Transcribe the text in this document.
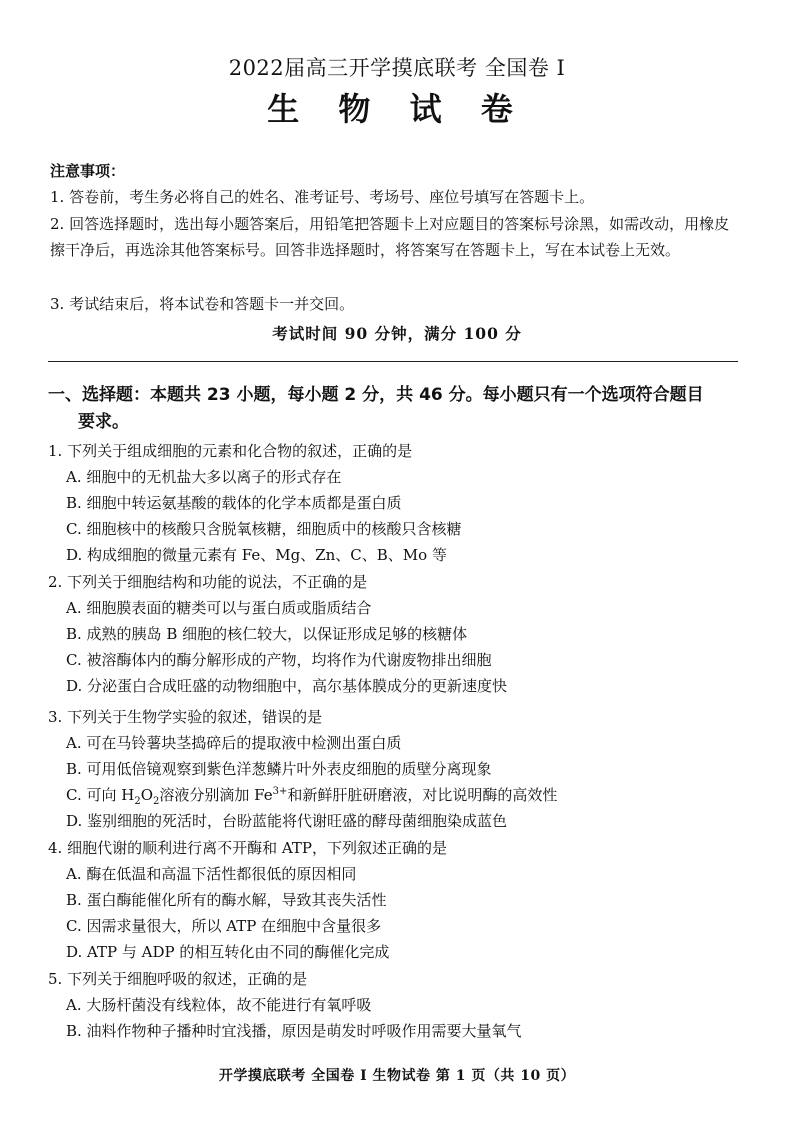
2022届高三开学摸底联考 全国卷 I
生 物 试 卷
注意事项：
1. 答卷前，考生务必将自己的姓名、准考证号、考场号、座位号填写在答题卡上。
2. 回答选择题时，选出每小题答案后，用铅笔把答题卡上对应题目的答案标号涂黑，如需改动，用橡皮擦干净后，再选涂其他答案标号。回答非选择题时，将答案写在答题卡上，写在本试卷上无效。
3. 考试结束后，将本试卷和答题卡一并交回。
考试时间 90 分钟，满分 100 分
一、选择题：本题共 23 小题，每小题 2 分，共 46 分。每小题只有一个选项符合题目
要求。
1. 下列关于组成细胞的元素和化合物的叙述，正确的是
A. 细胞中的无机盐大多以离子的形式存在
B. 细胞中转运氨基酸的载体的化学本质都是蛋白质
C. 细胞核中的核酸只含脱氧核糖，细胞质中的核酸只含核糖
D. 构成细胞的微量元素有 Fe、Mg、Zn、C、B、Mo 等
2. 下列关于细胞结构和功能的说法，不正确的是
A. 细胞膜表面的糖类可以与蛋白质或脂质结合
B. 成熟的胰岛 B 细胞的核仁较大，以保证形成足够的核糖体
C. 被溶酶体内的酶分解形成的产物，均将作为代谢废物排出细胞
D. 分泌蛋白合成旺盛的动物细胞中，高尔基体膜成分的更新速度快
3. 下列关于生物学实验的叙述，错误的是
A. 可在马铃薯块茎捣碎后的提取液中检测出蛋白质
B. 可用低倍镜观察到紫色洋葱鳞片叶外表皮细胞的质壁分离现象
C. 可向 $H_2O_2$溶液分别滴加 $Fe^{3+}$和新鲜肝脏研磨液，对比说明酶的高效性
D. 鉴别细胞的死活时，台盼蓝能将代谢旺盛的酵母菌细胞染成蓝色
4. 细胞代谢的顺利进行离不开酶和 ATP，下列叙述正确的是
A. 酶在低温和高温下活性都很低的原因相同
B. 蛋白酶能催化所有的酶水解，导致其丧失活性
C. 因需求量很大，所以 ATP 在细胞中含量很多
D. ATP 与 ADP 的相互转化由不同的酶催化完成
5. 下列关于细胞呼吸的叙述，正确的是
A. 大肠杆菌没有线粒体，故不能进行有氧呼吸
B. 油料作物种子播种时宜浅播，原因是萌发时呼吸作用需要大量氧气
开学摸底联考 全国卷 I 生物试卷 第 1 页（共 10 页）
